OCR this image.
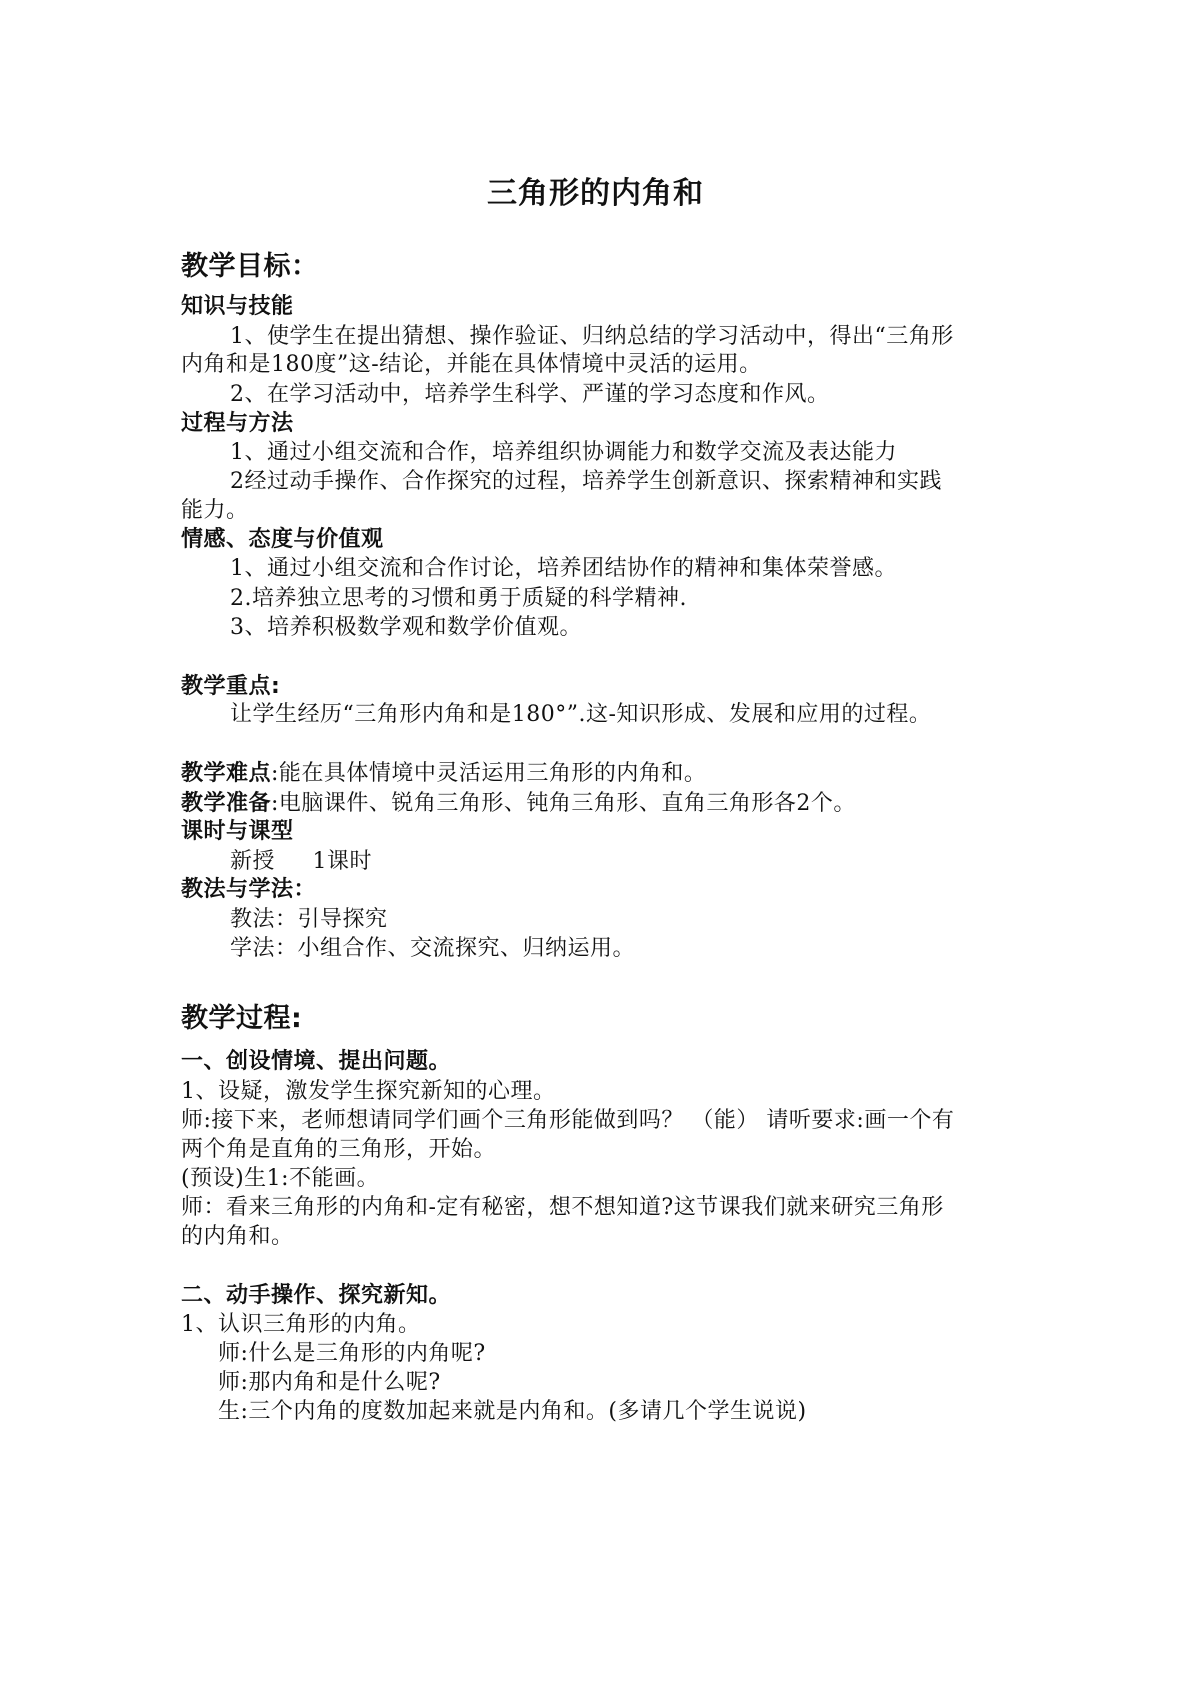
三角形的内角和
教学目标：
知识与技能
1、使学生在提出猜想、操作验证、归纳总结的学习活动中，得出“三角形
内角和是180度”这-结论，并能在具体情境中灵活的运用。
2、在学习活动中，培养学生科学、严谨的学习态度和作风。
过程与方法
1、通过小组交流和合作，培养组织协调能力和数学交流及表达能力
2经过动手操作、合作探究的过程，培养学生创新意识、探索精神和实践
能力。
情感、态度与价值观
1、通过小组交流和合作讨论，培养团结协作的精神和集体荣誉感。
2.培养独立思考的习惯和勇于质疑的科学精神.
3、培养积极数学观和数学价值观。
教学重点:
让学生经历“三角形内角和是180°”.这-知识形成、发展和应用的过程。
教学难点:能在具体情境中灵活运用三角形的内角和。
教学准备:电脑课件、锐角三角形、钝角三角形、直角三角形各2个。
课时与课型
新授     1课时
教法与学法：
教法：引导探究
学法：小组合作、交流探究、归纳运用。
教学过程:
一、创设情境、提出问题。
1、设疑，激发学生探究新知的心理。
师:接下来，老师想请同学们画个三角形能做到吗？ （能） 请听要求:画一个有
两个角是直角的三角形，开始。
(预设)生1:不能画。
师：看来三角形的内角和-定有秘密，想不想知道?这节课我们就来研究三角形
的内角和。
二、动手操作、探究新知。
1、认识三角形的内角。
师:什么是三角形的内角呢?
师:那内角和是什么呢?
生:三个内角的度数加起来就是内角和。(多请几个学生说说)
